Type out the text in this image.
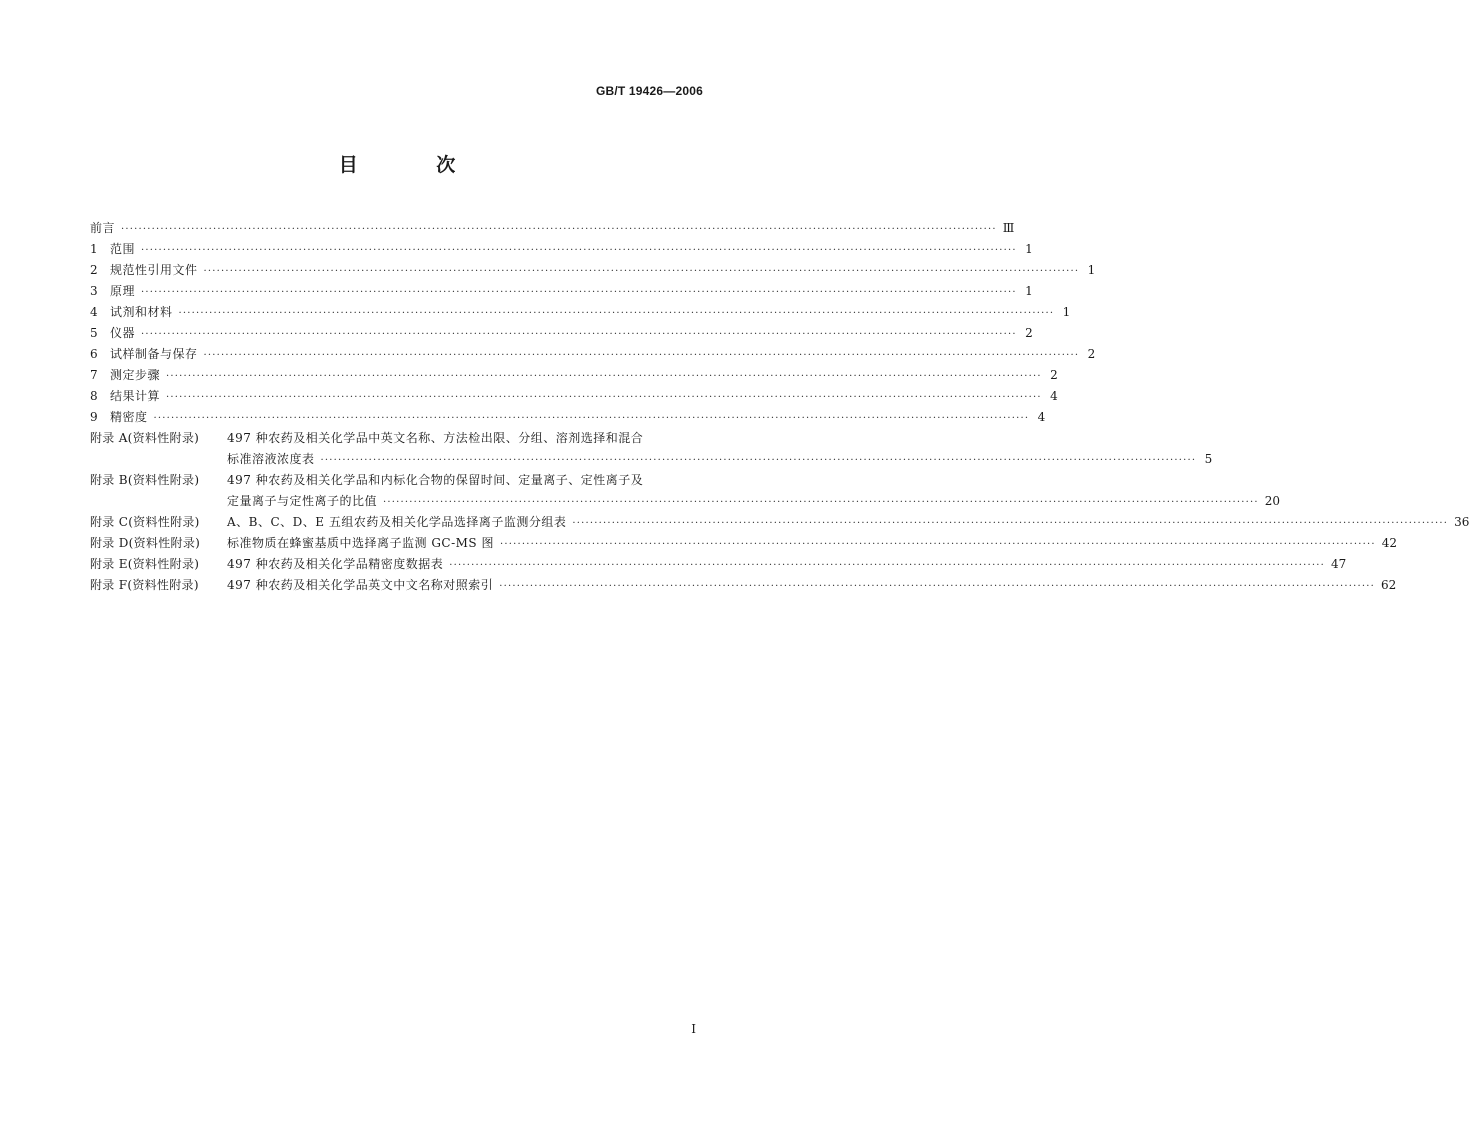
GB/T 19426—2006
目 次
前言 ········································································································································································································ Ⅲ
1	范围 ········································································································································································································ 1
2	规范性引用文件 ········································································································································································································ 1
3	原理 ········································································································································································································ 1
4	试剂和材料 ········································································································································································································ 1
5	仪器 ········································································································································································································ 2
6	试样制备与保存 ········································································································································································································ 2
7	测定步骤 ········································································································································································································ 2
8	结果计算 ········································································································································································································ 4
9	精密度 ········································································································································································································ 4
附录 A(资料性附录)	497 种农药及相关化学品中英文名称、方法检出限、分组、溶剂选择和混合
标准溶液浓度表 ········································································································································································································ 5
附录 B(资料性附录)	497 种农药及相关化学品和内标化合物的保留时间、定量离子、定性离子及
定量离子与定性离子的比值 ········································································································································································································ 20
附录 C(资料性附录)	A、B、C、D、E 五组农药及相关化学品选择离子监测分组表 ········································································································································································································ 36
附录 D(资料性附录)	标准物质在蜂蜜基质中选择离子监测 GC-MS 图 ········································································································································································································ 42
附录 E(资料性附录)	497 种农药及相关化学品精密度数据表 ········································································································································································································ 47
附录 F(资料性附录)	497 种农药及相关化学品英文中文名称对照索引 ········································································································································································································ 62
I
